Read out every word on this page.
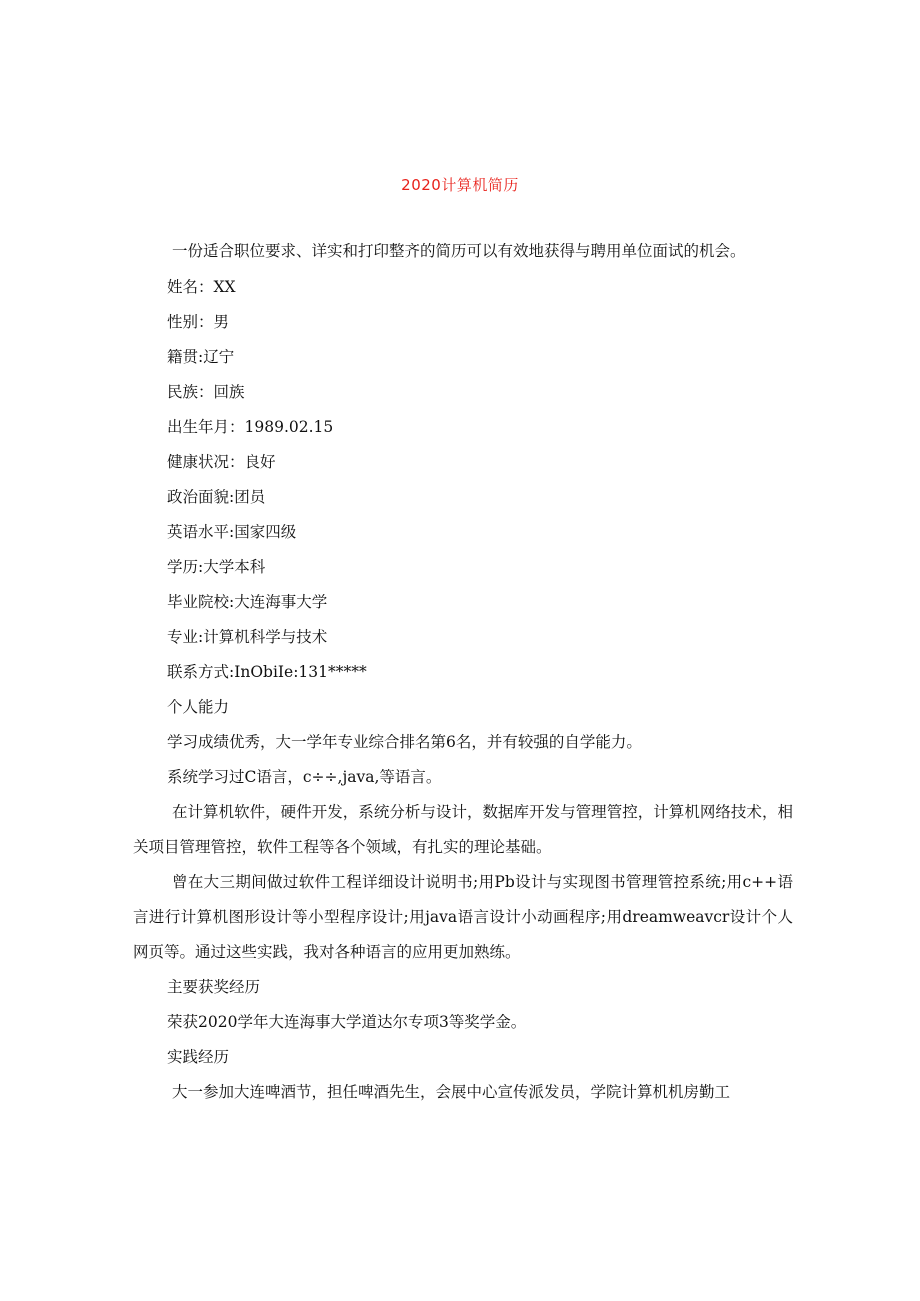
2020计算机简历
一份适合职位要求、详实和打印整齐的简历可以有效地获得与聘用单位面试的机会。
姓名：XX
性别：男
籍贯:辽宁
民族：回族
出生年月：1989.02.15
健康状况：良好
政治面貌:团员
英语水平:国家四级
学历:大学本科
毕业院校:大连海事大学
专业:计算机科学与技术
联系方式:InObiIe:131*****
个人能力
学习成绩优秀，大一学年专业综合排名第6名，并有较强的自学能力。
系统学习过C语言，c÷÷,java,等语言。
在计算机软件，硬件开发，系统分析与设计，数据库开发与管理管控，计算机网络技术，相关项目管理管控，软件工程等各个领域，有扎实的理论基础。
曾在大三期间做过软件工程详细设计说明书;用Pb设计与实现图书管理管控系统;用c++语言进行计算机图形设计等小型程序设计;用java语言设计小动画程序;用dreamweavcr设计个人网页等。通过这些实践，我对各种语言的应用更加熟练。
主要获奖经历
荣获2020学年大连海事大学道达尔专项3等奖学金。
实践经历
大一参加大连啤酒节，担任啤酒先生，会展中心宣传派发员，学院计算机机房勤工
